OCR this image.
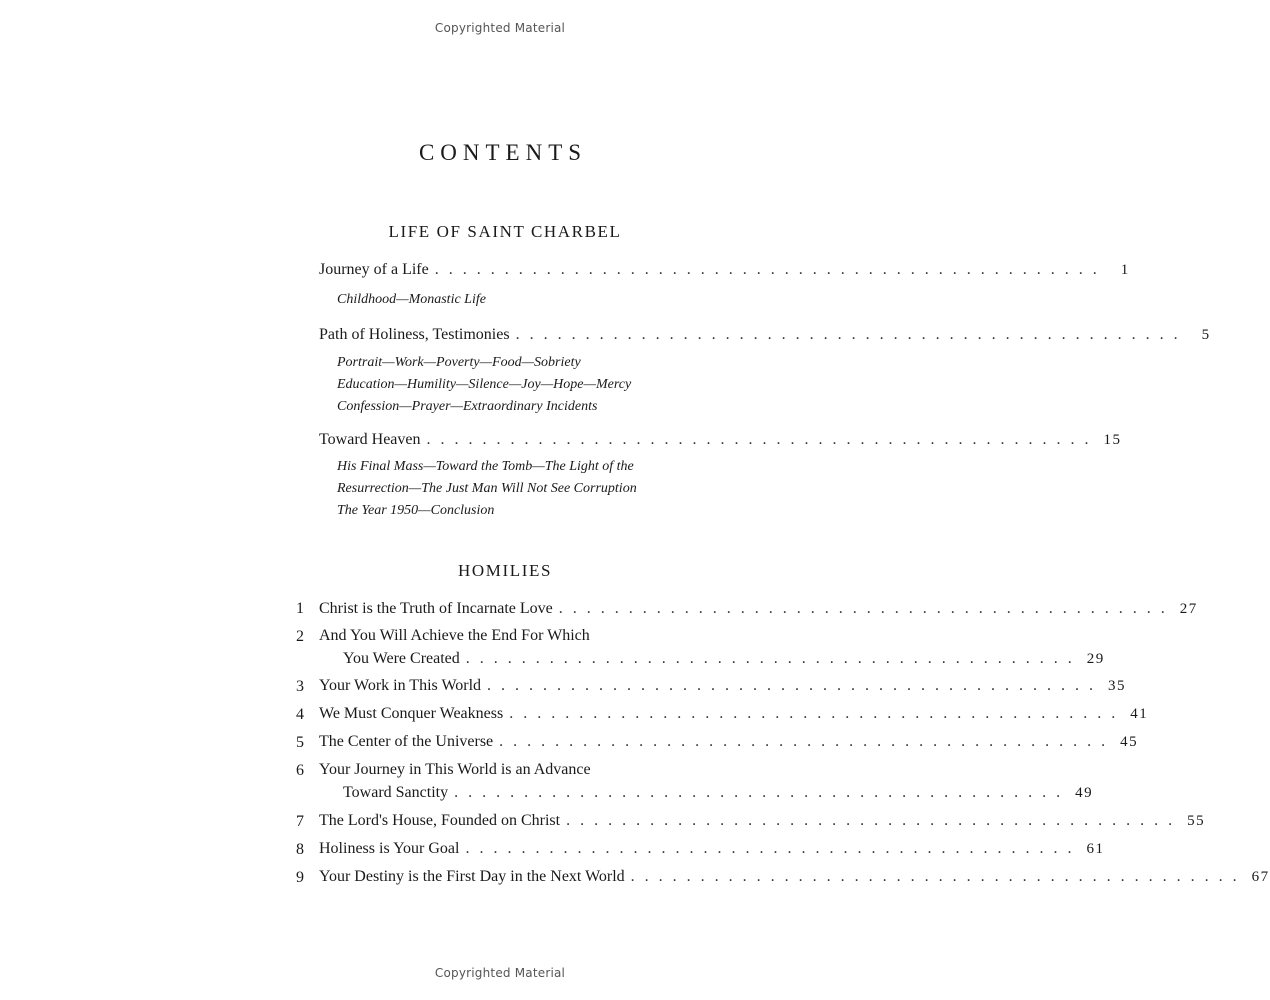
Copyrighted Material
CONTENTS
LIFE OF SAINT CHARBEL
Journey of a Life . . . . . . . . . . . . . . . . . . . . . . . . . . . . . . . . . . . . . . . . . . . . . . . .	1
Childhood—Monastic Life
Path of Holiness, Testimonies . . . . . . . . . . . . . . . . . . . . . . . . . . . . . . . . . . . . . . . . . . . . . . . .	5
Portrait—Work—Poverty—Food—Sobriety
Education—Humility—Silence—Joy—Hope—Mercy
Confession—Prayer—Extraordinary Incidents
Toward Heaven . . . . . . . . . . . . . . . . . . . . . . . . . . . . . . . . . . . . . . . . . . . . . . . . 15
His Final Mass—Toward the Tomb—The Light of the
Resurrection—The Just Man Will Not See Corruption
The Year 1950—Conclusion
HOMILIES
1 Christ is the Truth of Incarnate Love . . . . . . . . . . . . . . . . . . . . . . . . . . . . . . . . . . . . . . . . . . . . 27
2 And You Will Achieve the End For Which
You Were Created . . . . . . . . . . . . . . . . . . . . . . . . . . . . . . . . . . . . . . . . . . . . 29
3 Your Work in This World . . . . . . . . . . . . . . . . . . . . . . . . . . . . . . . . . . . . . . . . . . . . 35
4 We Must Conquer Weakness . . . . . . . . . . . . . . . . . . . . . . . . . . . . . . . . . . . . . . . . . . . . 41
5 The Center of the Universe . . . . . . . . . . . . . . . . . . . . . . . . . . . . . . . . . . . . . . . . . . . . 45
6 Your Journey in This World is an Advance
Toward Sanctity . . . . . . . . . . . . . . . . . . . . . . . . . . . . . . . . . . . . . . . . . . . . 49
7 The Lord's House, Founded on Christ . . . . . . . . . . . . . . . . . . . . . . . . . . . . . . . . . . . . . . . . . . . . 55
8 Holiness is Your Goal . . . . . . . . . . . . . . . . . . . . . . . . . . . . . . . . . . . . . . . . . . . . 61
9 Your Destiny is the First Day in the Next World . . . . . . . . . . . . . . . . . . . . . . . . . . . . . . . . . . . . . . . . . . . . 67
Copyrighted Material
